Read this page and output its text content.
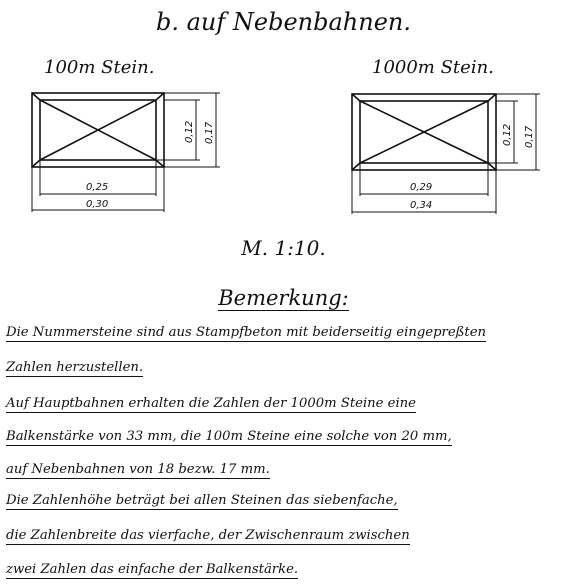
b. auf Nebenbahnen.
100m Stein.	1000m Stein.
0,25
0,30
0,12 0,17
0,29
0,34
0,12 0,17
M. 1:10.
Bemerkung:
Die Nummersteine sind aus Stampfbeton mit beiderseitig eingepreßten
Zahlen herzustellen.
Auf Hauptbahnen erhalten die Zahlen der 1000m Steine eine
Balkenstärke von 33 mm, die 100m Steine eine solche von 20 mm,
auf Nebenbahnen von 18 bezw. 17 mm.
Die Zahlenhöhe beträgt bei allen Steinen das siebenfache,
die Zahlenbreite das vierfache, der Zwischenraum zwischen
zwei Zahlen das einfache der Balkenstärke.
